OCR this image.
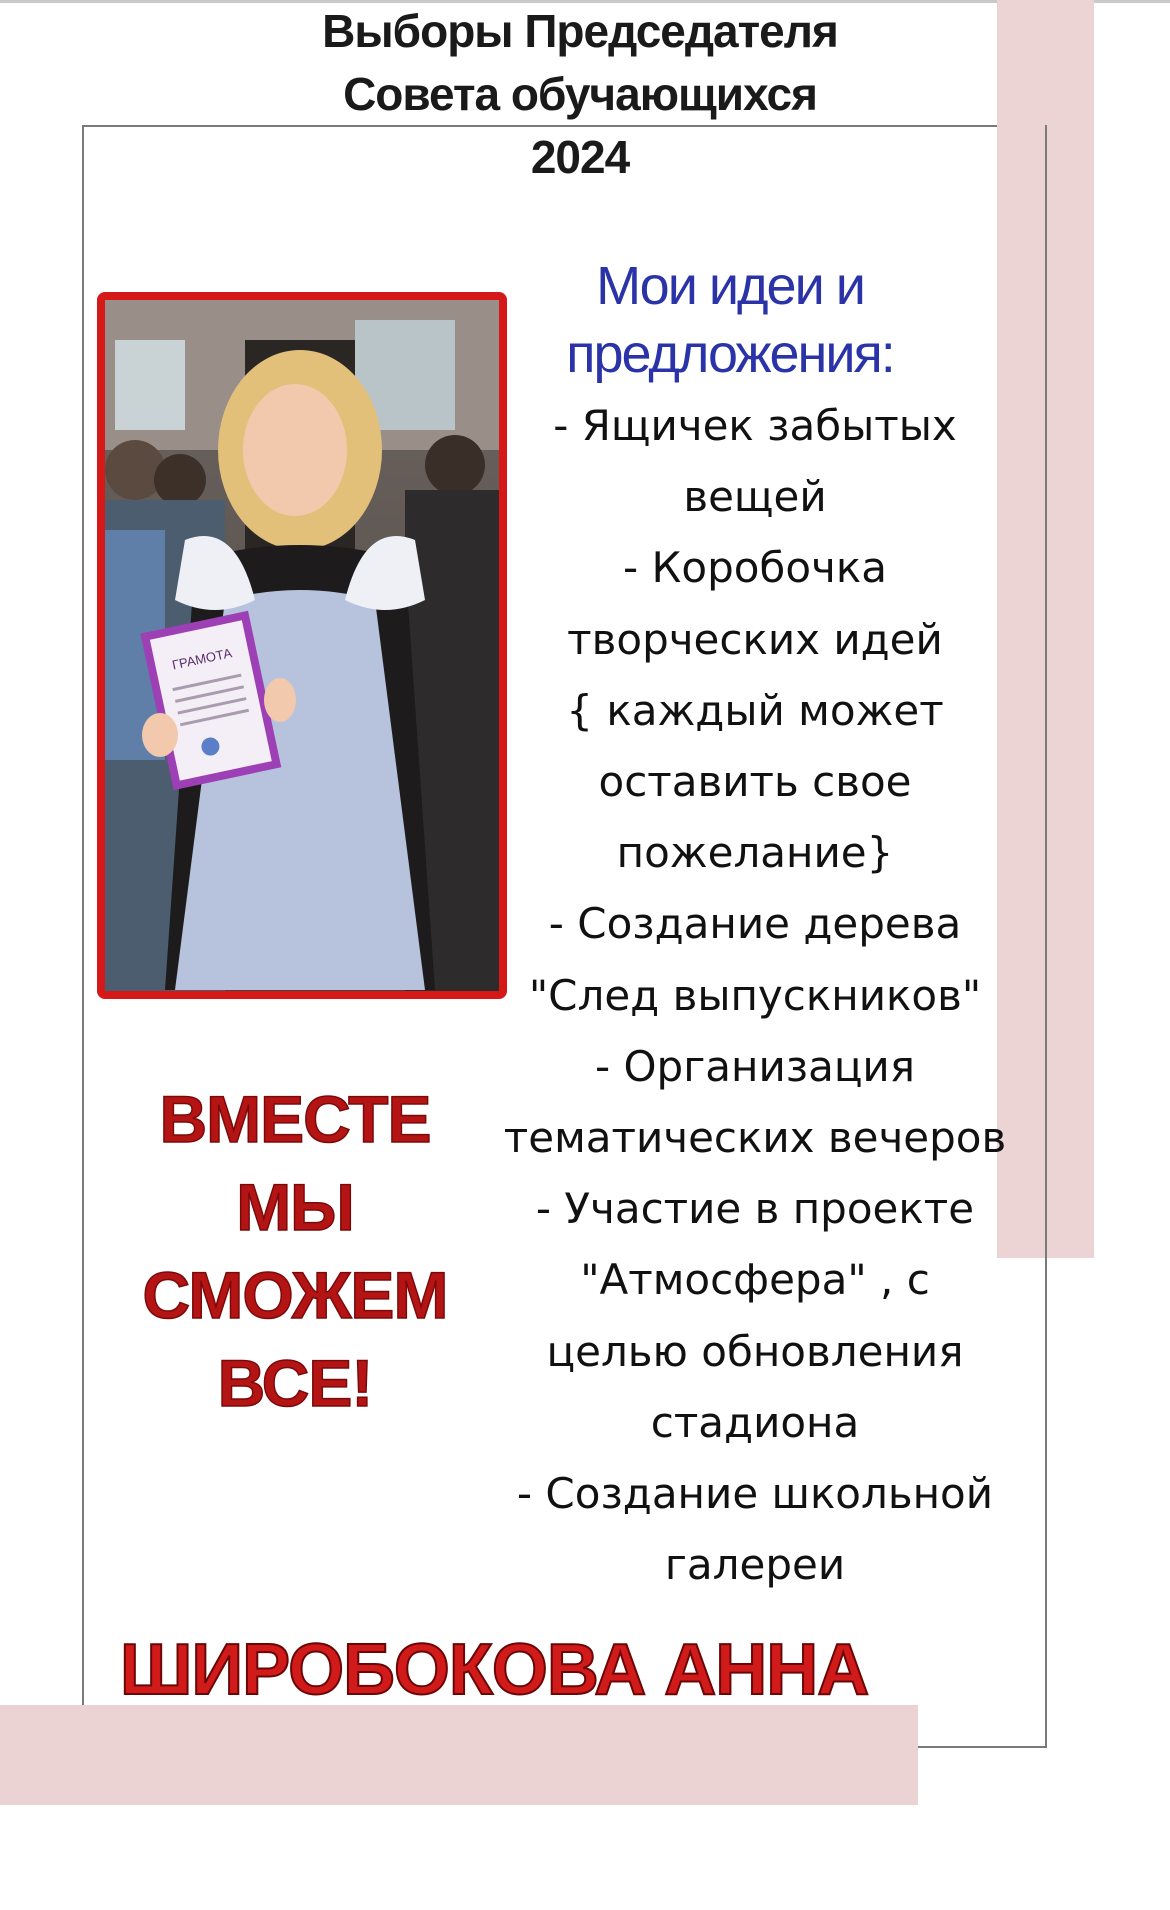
Выборы Председателя
Совета обучающихся
2024
ГРАМОТА
Мои идеи и
предложения:
- Ящичек забытых
вещей
- Коробочка
творческих идей
{ каждый может
оставить свое
пожелание}
- Создание дерева
"След выпускников"
- Организация
тематических вечеров
- Участие в проекте
"Атмосфера" , с
целью обновления
стадиона
- Создание школьной
галереи
ВМЕСТЕ
МЫ
СМОЖЕМ
ВСЕ!
ШИРОБОКОВА АННА
